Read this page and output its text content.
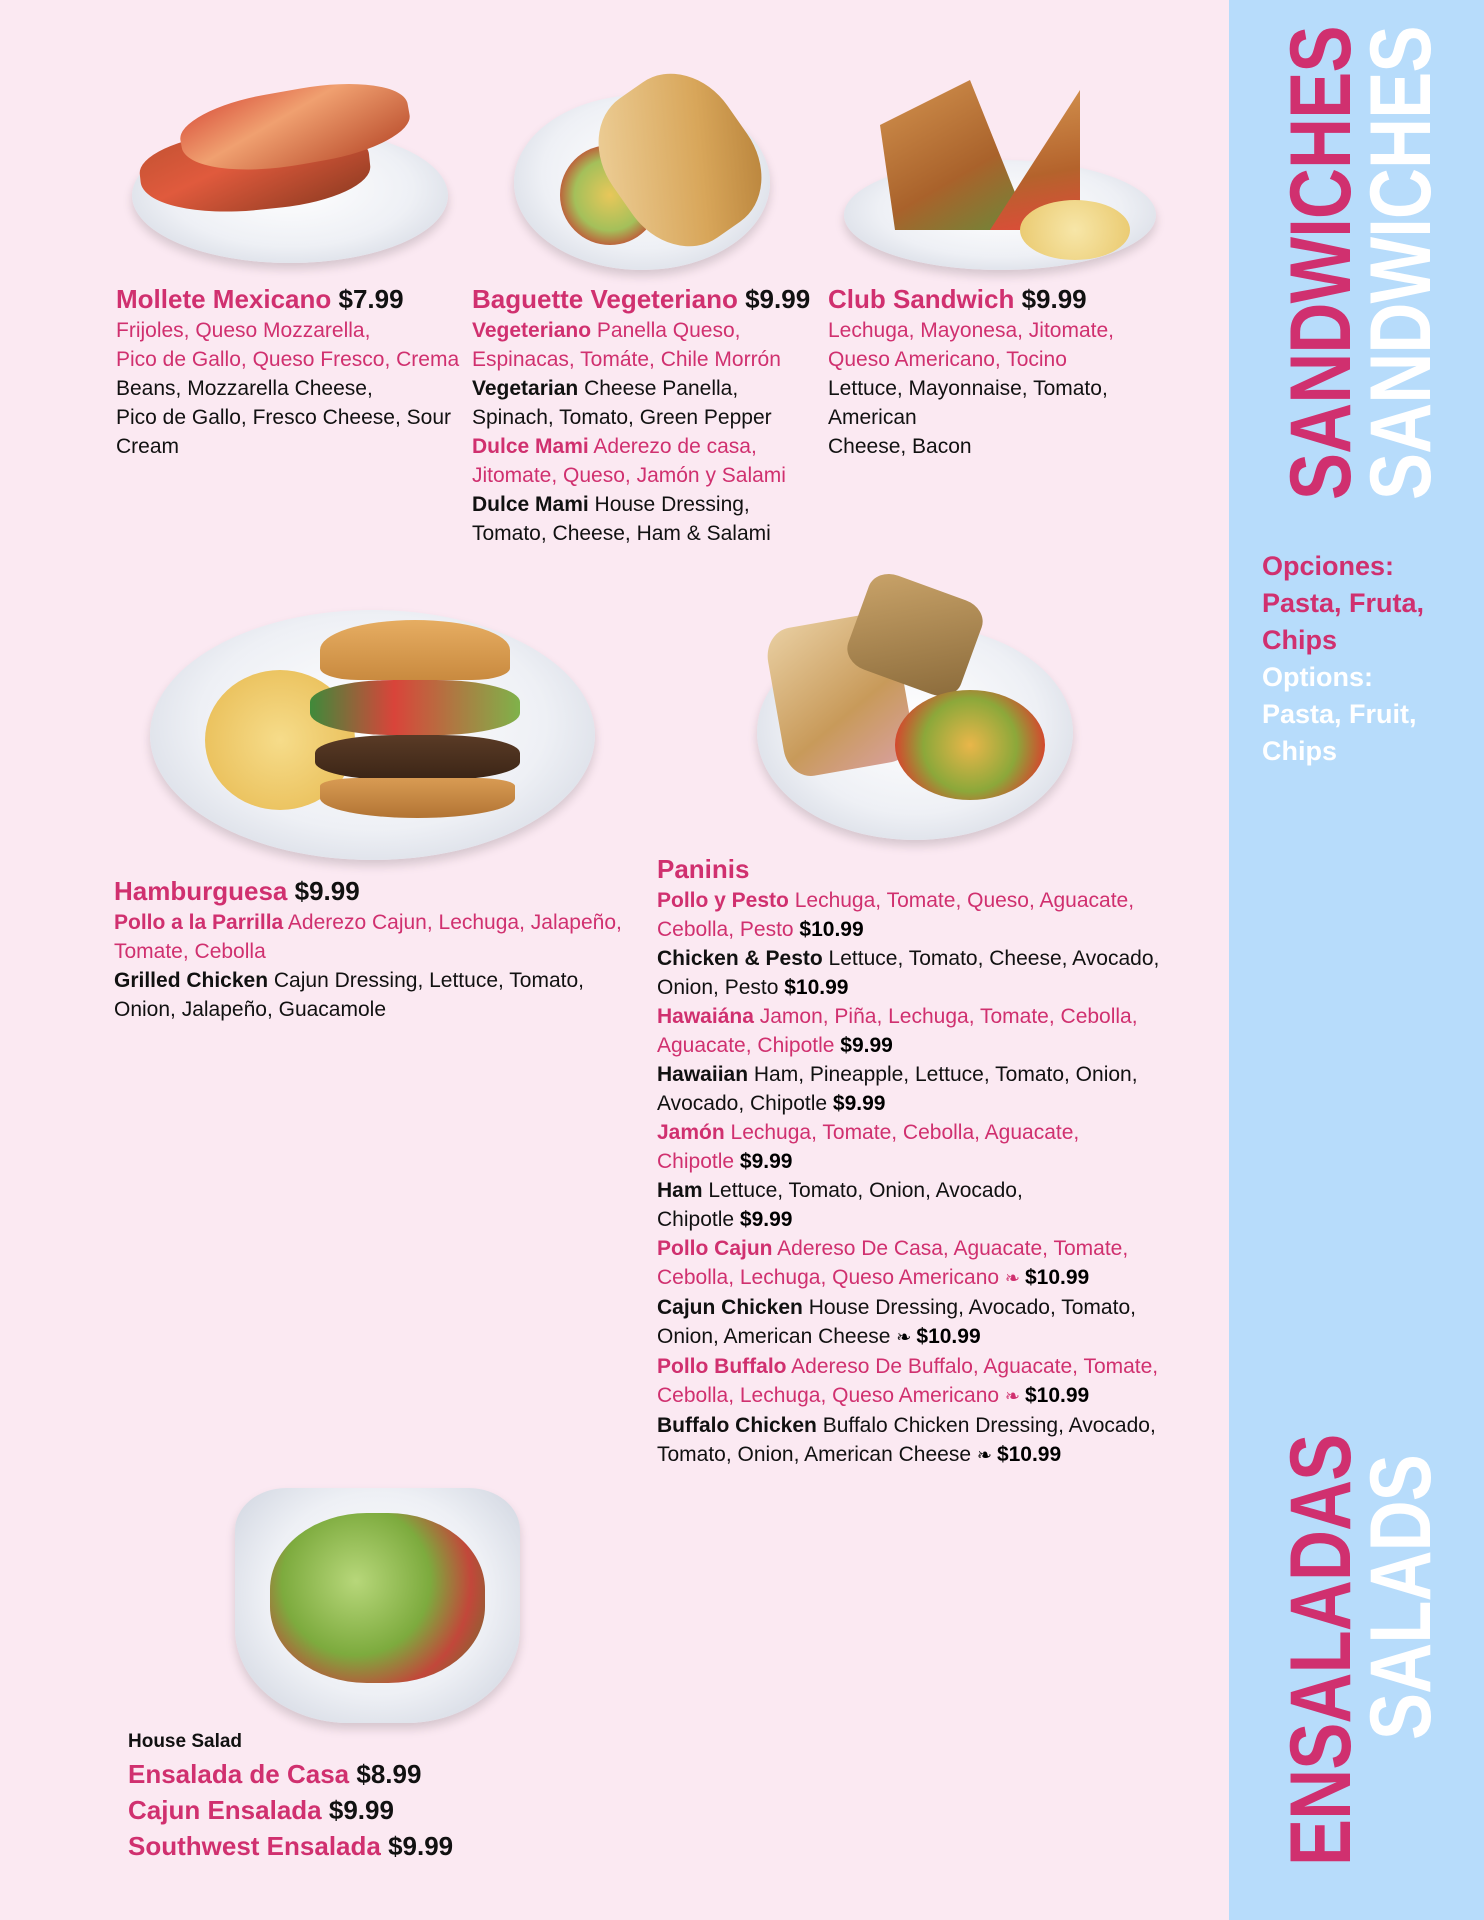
SANDWICHES
SANDWICHES
ENSALADAS
SALADS
Opciones:
Pasta, Fruta,
Chips
Options:
Pasta, Fruit,
Chips
Mollete Mexicano $7.99
Frijoles, Queso Mozzarella,
Pico de Gallo, Queso Fresco, Crema
Beans, Mozzarella Cheese,
Pico de Gallo, Fresco Cheese, Sour
Cream
Baguette Vegeteriano $9.99
Vegeteriano Panella Queso,
Espinacas, Tomáte, Chile Morrón
Vegetarian Cheese Panella,
Spinach, Tomato, Green Pepper
Dulce Mami Aderezo de casa,
Jitomate, Queso, Jamón y Salami
Dulce Mami House Dressing,
Tomato, Cheese, Ham & Salami
Club Sandwich $9.99
Lechuga, Mayonesa, Jitomate,
Queso Americano, Tocino
Lettuce, Mayonnaise, Tomato,
American
Cheese, Bacon
Hamburguesa $9.99
Pollo a la Parrilla Aderezo Cajun, Lechuga, Jalapeño,
Tomate, Cebolla
Grilled Chicken Cajun Dressing, Lettuce, Tomato,
Onion, Jalapeño, Guacamole
Paninis
Pollo y Pesto Lechuga, Tomate, Queso, Aguacate,
Cebolla, Pesto $10.99
Chicken & Pesto Lettuce, Tomato, Cheese, Avocado,
Onion, Pesto $10.99
Hawaiána Jamon, Piña, Lechuga, Tomate, Cebolla,
Aguacate, Chipotle $9.99
Hawaiian Ham, Pineapple, Lettuce, Tomato, Onion,
Avocado, Chipotle $9.99
Jamón Lechuga, Tomate, Cebolla, Aguacate,
Chipotle $9.99
Ham Lettuce, Tomato, Onion, Avocado,
Chipotle $9.99
Pollo Cajun Adereso De Casa, Aguacate, Tomate,
Cebolla, Lechuga, Queso Americano ❧ $10.99
Cajun Chicken House Dressing, Avocado, Tomato,
Onion, American Cheese ❧ $10.99
Pollo Buffalo Adereso De Buffalo, Aguacate, Tomate,
Cebolla, Lechuga, Queso Americano ❧ $10.99
Buffalo Chicken Buffalo Chicken Dressing, Avocado,
Tomato, Onion, American Cheese ❧ $10.99
House Salad
Ensalada de Casa $8.99
Cajun Ensalada $9.99
Southwest Ensalada $9.99
